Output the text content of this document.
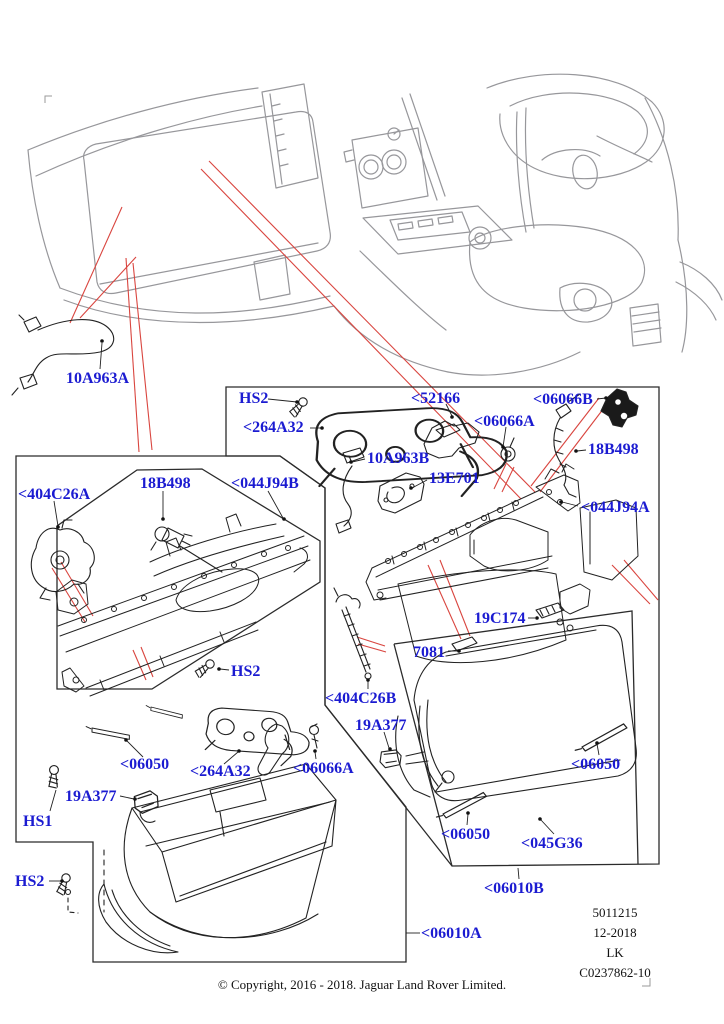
10A963A
HS2
<264A32
<52166	<06066B
<06066A
18B498
10A963B
13E701
<404C26A
18B498	<044J94B
<044J94A
19C174
7081
<404C26B
19A377
HS2
<06050 <264A32	<06066A
19A377
HS1
<06050
<06050
<045G36
HS2	<06010B
<06010A
5011215
12-2018
LK
C0237862-10
© Copyright, 2016 - 2018. Jaguar Land Rover Limited.
